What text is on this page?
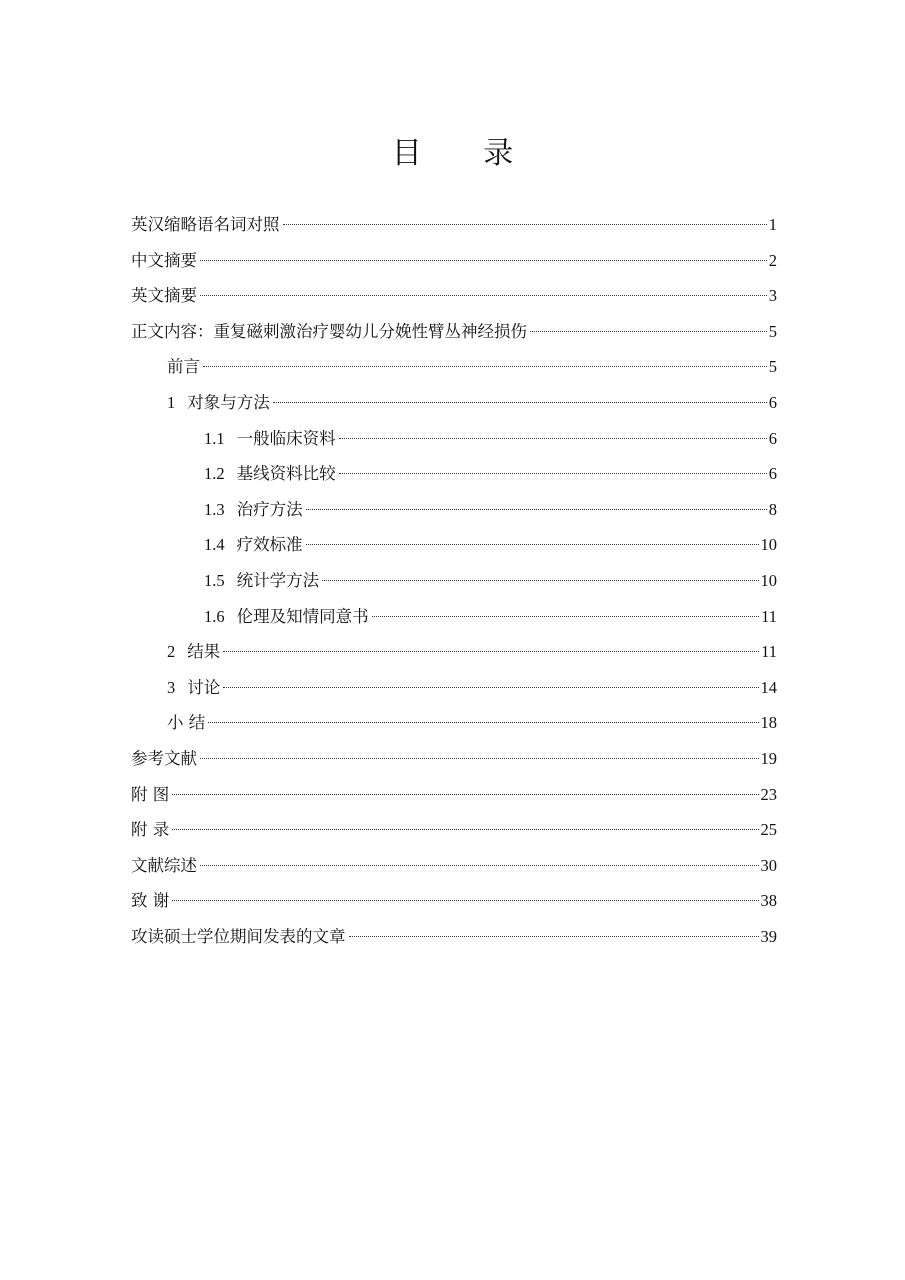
目 录
英汉缩略语名词对照	1
中文摘要	2
英文摘要	3
正文内容：重复磁刺激治疗婴幼儿分娩性臂丛神经损伤	5
前言	5
1 对象与方法	6
1.1 一般临床资料	6
1.2 基线资料比较	6
1.3 治疗方法	8
1.4 疗效标准	10
1.5 统计学方法	10
1.6 伦理及知情同意书	11
2 结果	11
3 讨论	14
小 结	18
参考文献	19
附 图	23
附 录	25
文献综述	30
致 谢	38
攻读硕士学位期间发表的文章	39
